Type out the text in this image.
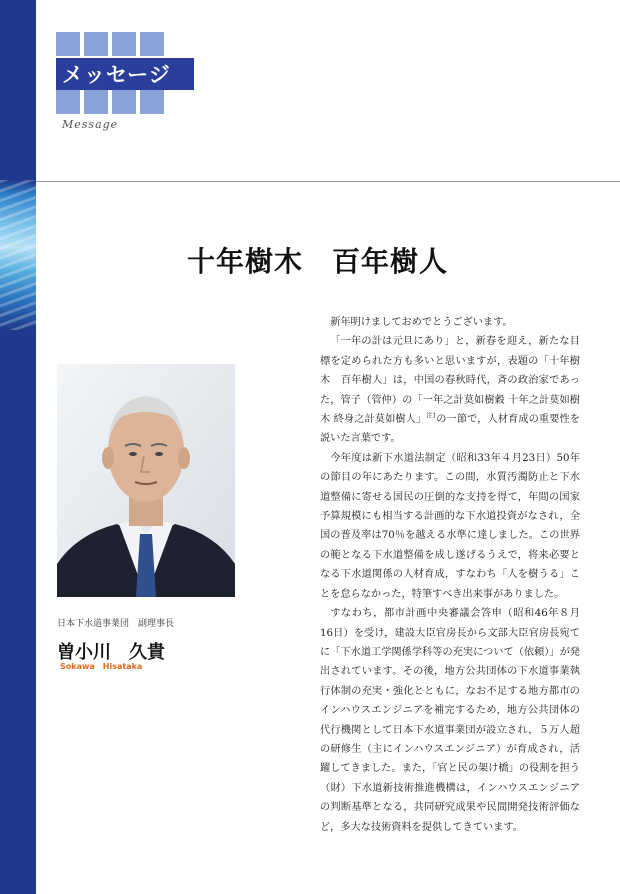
メッセージ
Message
十年樹木　百年樹人
日本下水道事業団　副理事長
曽小川　久貴
Sokawa　Hisataka

新年明けましておめでとうございます。

「一年の計は元旦にあり」と，新春を迎え，新たな目標を定められた方も多いと思いますが，表題の「十年樹木　百年樹人」は，中国の春秋時代，斉の政治家であった，管子（管仲）の「一年之計莫如樹穀 十年之計莫如樹木 終身之計莫如樹人」$^{注1}$の一節で，人材育成の重要性を説いた言葉です。

今年度は新下水道法制定（昭和33年４月23日）50年の節目の年にあたります。この間，水質汚濁防止と下水道整備に寄せる国民の圧倒的な支持を得て，年間の国家予算規模にも相当する計画的な下水道投資がなされ，全国の普及率は70％を越える水準に達しました。この世界の範となる下水道整備を成し遂げるうえで，将来必要となる下水道関係の人材育成，すなわち「人を樹うる」ことを怠らなかった，特筆すべき出来事がありました。

すなわち，都市計画中央審議会答申（昭和46年８月16日）を受け，建設大臣官房長から文部大臣官房長宛てに「下水道工学関係学科等の充実について（依頼）」が発出されています。その後，地方公共団体の下水道事業執行体制の充実・強化とともに，なお不足する地方都市のインハウスエンジニアを補完するため，地方公共団体の代行機関として日本下水道事業団が設立され，５万人超の研修生（主にインハウスエンジニア）が育成され，活躍してきました。また，「官と民の架け橋」の役割を担う（財）下水道新技術推進機構は，インハウスエンジニアの判断基準となる，共同研究成果や民間開発技術評価など，多大な技術資料を提供してきています。
